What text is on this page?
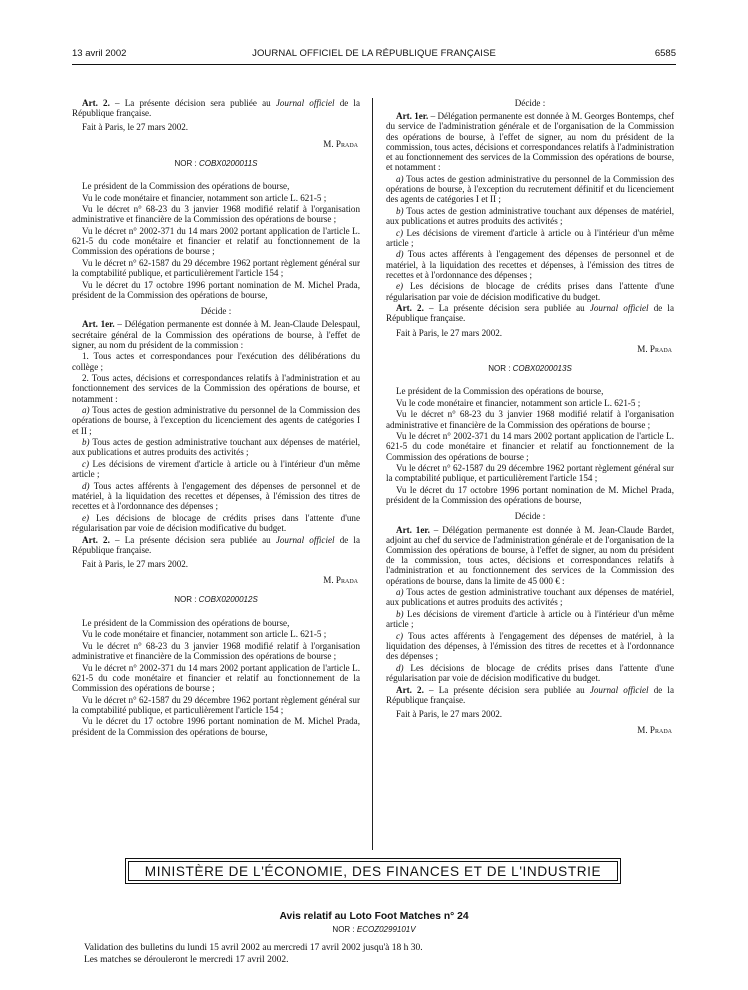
13 avril 2002	JOURNAL OFFICIEL DE LA RÉPUBLIQUE FRANÇAISE	6585

Art. 2. – La présente décision sera publiée au Journal officiel de la République française.

Fait à Paris, le 27 mars 2002.

M. Prada

NOR : COBX0200011S

Le président de la Commission des opérations de bourse,

Vu le code monétaire et financier, notamment son article L. 621-5 ;

Vu le décret n° 68-23 du 3 janvier 1968 modifié relatif à l'organisation administrative et financière de la Commission des opérations de bourse ;

Vu le décret n° 2002-371 du 14 mars 2002 portant application de l'article L. 621-5 du code monétaire et financier et relatif au fonctionnement de la Commission des opérations de bourse ;

Vu le décret n° 62-1587 du 29 décembre 1962 portant règlement général sur la comptabilité publique, et particulièrement l'article 154 ;

Vu le décret du 17 octobre 1996 portant nomination de M. Michel Prada, président de la Commission des opérations de bourse,

Décide :

Art. 1er. – Délégation permanente est donnée à M. Jean-Claude Delespaul, secrétaire général de la Commission des opérations de bourse, à l'effet de signer, au nom du président de la commission :

1. Tous actes et correspondances pour l'exécution des délibérations du collège ;

2. Tous actes, décisions et correspondances relatifs à l'administration et au fonctionnement des services de la Commission des opérations de bourse, et notamment :

a) Tous actes de gestion administrative du personnel de la Commission des opérations de bourse, à l'exception du licenciement des agents de catégories I et II ;

b) Tous actes de gestion administrative touchant aux dépenses de matériel, aux publications et autres produits des activités ;

c) Les décisions de virement d'article à article ou à l'intérieur d'un même article ;

d) Tous actes afférents à l'engagement des dépenses de personnel et de matériel, à la liquidation des recettes et dépenses, à l'émission des titres de recettes et à l'ordonnance des dépenses ;

e) Les décisions de blocage de crédits prises dans l'attente d'une régularisation par voie de décision modificative du budget.

Art. 2. – La présente décision sera publiée au Journal officiel de la République française.

Fait à Paris, le 27 mars 2002.

M. Prada

NOR : COBX0200012S

Le président de la Commission des opérations de bourse,

Vu le code monétaire et financier, notamment son article L. 621-5 ;

Vu le décret n° 68-23 du 3 janvier 1968 modifié relatif à l'organisation administrative et financière de la Commission des opérations de bourse ;

Vu le décret n° 2002-371 du 14 mars 2002 portant application de l'article L. 621-5 du code monétaire et financier et relatif au fonctionnement de la Commission des opérations de bourse ;

Vu le décret n° 62-1587 du 29 décembre 1962 portant règlement général sur la comptabilité publique, et particulièrement l'article 154 ;

Vu le décret du 17 octobre 1996 portant nomination de M. Michel Prada, président de la Commission des opérations de bourse,

Décide :

Art. 1er. – Délégation permanente est donnée à M. Georges Bontemps, chef du service de l'administration générale et de l'organisation de la Commission des opérations de bourse, à l'effet de signer, au nom du président de la commission, tous actes, décisions et correspondances relatifs à l'administration et au fonctionnement des services de la Commission des opérations de bourse, et notamment :

a) Tous actes de gestion administrative du personnel de la Commission des opérations de bourse, à l'exception du recrutement définitif et du licenciement des agents de catégories I et II ;

b) Tous actes de gestion administrative touchant aux dépenses de matériel, aux publications et autres produits des activités ;

c) Les décisions de virement d'article à article ou à l'intérieur d'un même article ;

d) Tous actes afférents à l'engagement des dépenses de personnel et de matériel, à la liquidation des recettes et dépenses, à l'émission des titres de recettes et à l'ordonnance des dépenses ;

e) Les décisions de blocage de crédits prises dans l'attente d'une régularisation par voie de décision modificative du budget.

Art. 2. – La présente décision sera publiée au Journal officiel de la République française.

Fait à Paris, le 27 mars 2002.

M. Prada

NOR : COBX0200013S

Le président de la Commission des opérations de bourse,

Vu le code monétaire et financier, notamment son article L. 621-5 ;

Vu le décret n° 68-23 du 3 janvier 1968 modifié relatif à l'organisation administrative et financière de la Commission des opérations de bourse ;

Vu le décret n° 2002-371 du 14 mars 2002 portant application de l'article L. 621-5 du code monétaire et financier et relatif au fonctionnement de la Commission des opérations de bourse ;

Vu le décret n° 62-1587 du 29 décembre 1962 portant règlement général sur la comptabilité publique, et particulièrement l'article 154 ;

Vu le décret du 17 octobre 1996 portant nomination de M. Michel Prada, président de la Commission des opérations de bourse,

Décide :

Art. 1er. – Délégation permanente est donnée à M. Jean-Claude Bardet, adjoint au chef du service de l'administration générale et de l'organisation de la Commission des opérations de bourse, à l'effet de signer, au nom du président de la commission, tous actes, décisions et correspondances relatifs à l'administration et au fonctionnement des services de la Commission des opérations de bourse, dans la limite de 45 000 € :

a) Tous actes de gestion administrative touchant aux dépenses de matériel, aux publications et autres produits des activités ;

b) Les décisions de virement d'article à article ou à l'intérieur d'un même article ;

c) Tous actes afférents à l'engagement des dépenses de matériel, à la liquidation des dépenses, à l'émission des titres de recettes et à l'ordonnance des dépenses ;

d) Les décisions de blocage de crédits prises dans l'attente d'une régularisation par voie de décision modificative du budget.

Art. 2. – La présente décision sera publiée au Journal officiel de la République française.

Fait à Paris, le 27 mars 2002.

M. Prada

MINISTÈRE DE L'ÉCONOMIE, DES FINANCES ET DE L'INDUSTRIE
Avis relatif au Loto Foot Matches n° 24
NOR : ECOZ0299101V
Validation des bulletins du lundi 15 avril 2002 au mercredi 17 avril 2002 jusqu'à 18 h 30.
Les matches se dérouleront le mercredi 17 avril 2002.
